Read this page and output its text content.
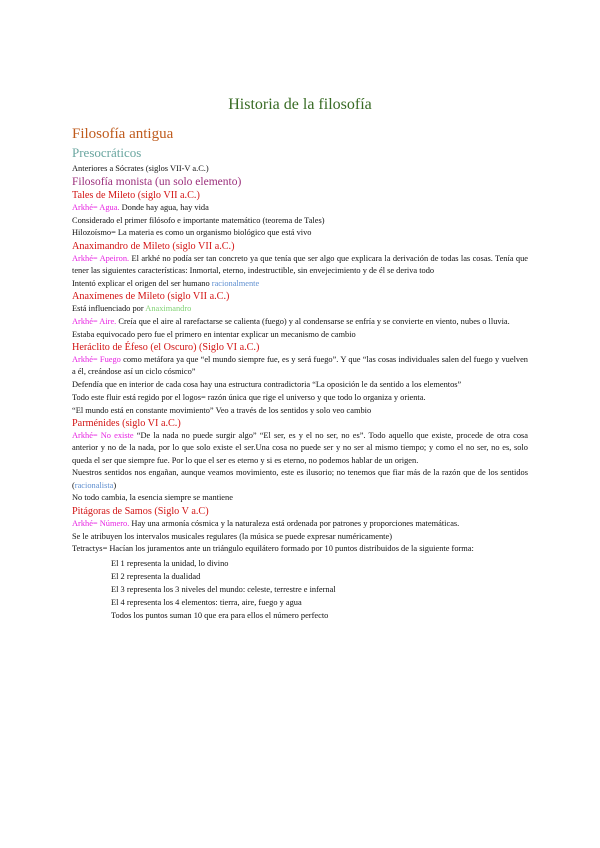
Historia de la filosofía
Filosofía antigua
Presocráticos

Anteriores a Sócrates (siglos VII-V a.C.)

Filosofía monista (un solo elemento)
Tales de Mileto (siglo VII a.C.)

Arkhé= Agua. Donde hay agua, hay vida

Considerado el primer filósofo e importante matemático (teorema de Tales)

Hilozoísmo= La materia es como un organismo biológico que está vivo

Anaximandro de Mileto (siglo VII a.C.)

Arkhé= Apeiron. El arkhé no podía ser tan concreto ya que tenía que ser algo que explicara la derivación de todas las cosas. Tenía que tener las siguientes características: Inmortal, eterno, indestructible, sin envejecimiento y de él se deriva todo

Intentó explicar el origen del ser humano racionalmente

Anaxímenes de Mileto (siglo VII a.C.)

Está influenciado por Anaximandro

Arkhé= Aire. Creía que el aire al rarefactarse se calienta (fuego) y al condensarse se enfría y se convierte en viento, nubes o lluvia.

Estaba equivocado pero fue el primero en intentar explicar un mecanismo de cambio

Heráclito de Éfeso (el Oscuro) (Siglo VI a.C.)

Arkhé= Fuego como metáfora ya que “el mundo siempre fue, es y será fuego”. Y que “las cosas individuales salen del fuego y vuelven a él, creándose así un ciclo cósmico”

Defendía que en interior de cada cosa hay una estructura contradictoria “La oposición le da sentido a los elementos”

Todo este fluir está regido por el logos= razón única que rige el universo y que todo lo organiza y orienta.

“El mundo está en constante movimiento” Veo a través de los sentidos y solo veo cambio

Parménides (siglo VI a.C.)

Arkhé= No existe “De la nada no puede surgir algo” “El ser, es y el no ser, no es”. Todo aquello que existe, procede de otra cosa anterior y no de la nada, por lo que solo existe el ser.Una cosa no puede ser y no ser al mismo tiempo; y como el no ser, no es, solo queda el ser que siempre fue. Por lo que el ser es eterno y si es eterno, no podemos hablar de un origen.

Nuestros sentidos nos engañan, aunque veamos movimiento, este es ilusorio; no tenemos que fiar más de la razón que de los sentidos (racionalista)

No todo cambia, la esencia siempre se mantiene

Pitágoras de Samos (Siglo V a.C)

Arkhé= Número. Hay una armonía cósmica y la naturaleza está ordenada por patrones y proporciones matemáticas.

Se le atribuyen los intervalos musicales regulares (la música se puede expresar numéricamente)

Tetractys= Hacían los juramentos ante un triángulo equilátero formado por 10 puntos distribuidos de la siguiente forma:

El 1 representa la unidad, lo divino

El 2 representa la dualidad

El 3 representa los 3 niveles del mundo: celeste, terrestre e infernal

El 4 representa los 4 elementos: tierra, aire, fuego y agua

Todos los puntos suman 10 que era para ellos el número perfecto
